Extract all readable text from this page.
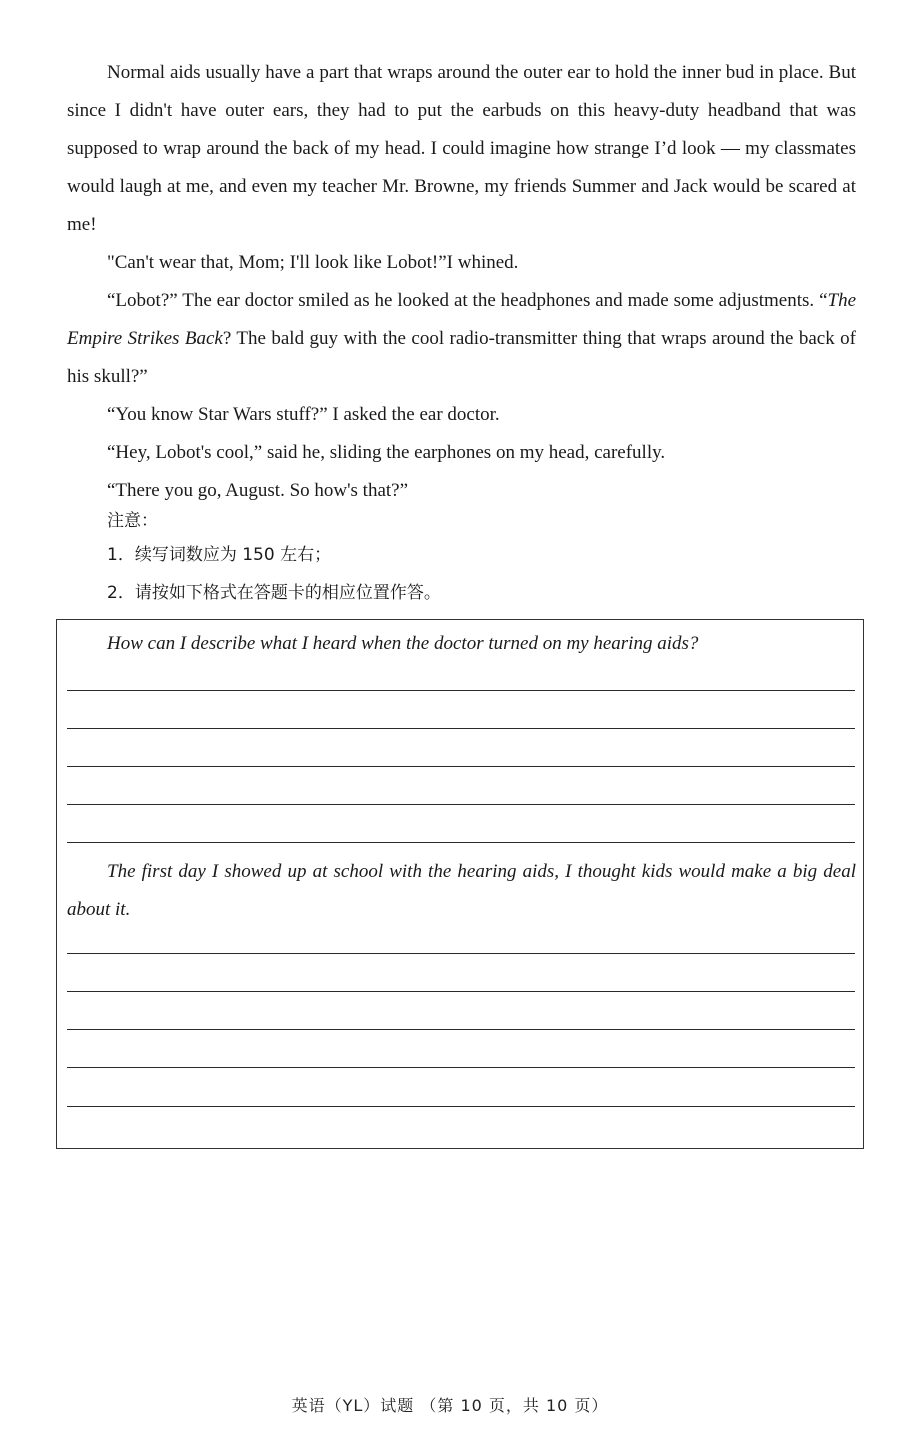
Normal aids usually have a part that wraps around the outer ear to hold the inner bud in place. But since I didn't have outer ears, they had to put the earbuds on this heavy-duty headband that was supposed to wrap around the back of my head. I could imagine how strange I’d look — my classmates would laugh at me, and even my teacher Mr. Browne, my friends Summer and Jack would be scared at me!

"Can't wear that, Mom; I'll look like Lobot!”I whined.

“Lobot?” The ear doctor smiled as he looked at the headphones and made some adjustments. “The Empire Strikes Back? The bald guy with the cool radio-transmitter thing that wraps around the back of his skull?”

“You know Star Wars stuff?” I asked the ear doctor.

“Hey, Lobot's cool,” said he, sliding the earphones on my head, carefully.

“There you go, August. So how's that?”

注意：
1．续写词数应为 150 左右；
2．请按如下格式在答题卡的相应位置作答。
How can I describe what I heard when the doctor turned on my hearing aids?
The first day I showed up at school with the hearing aids, I thought kids would make a big deal about it.
英语（YL）试题 （第 10 页，共 10 页）
